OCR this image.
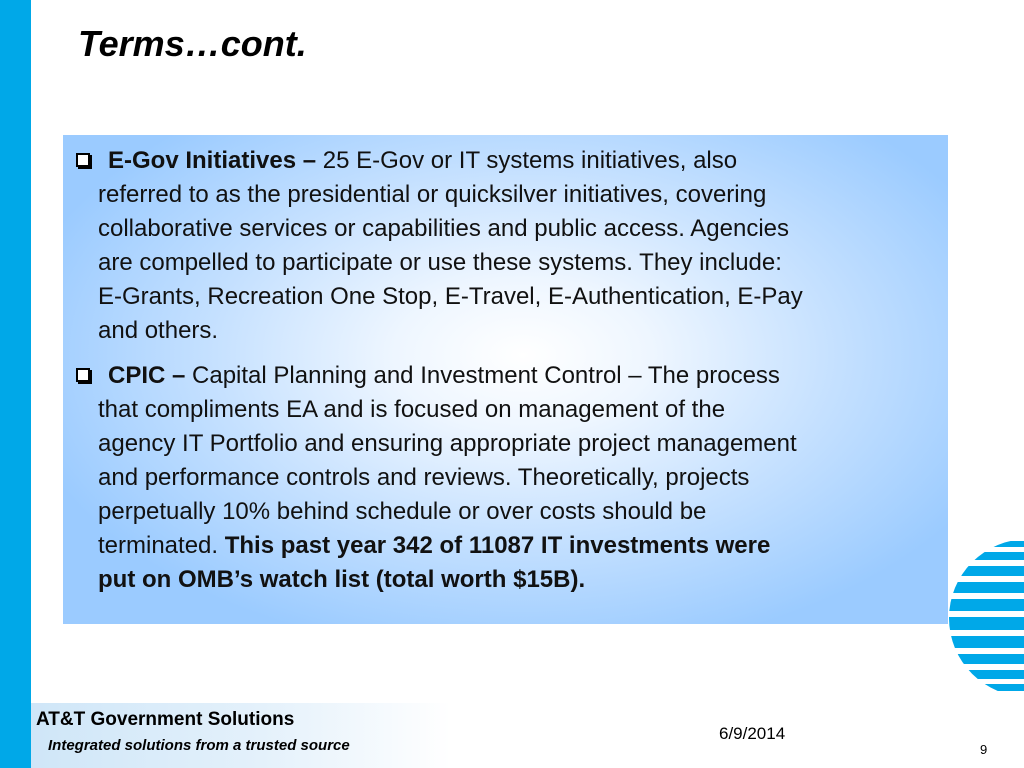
Terms…cont.
E-Gov Initiatives – 25 E-Gov or IT systems initiatives, also
referred to as the presidential or quicksilver initiatives, covering
collaborative services or capabilities and public access. Agencies
are compelled to participate or use these systems. They include:
E-Grants, Recreation One Stop, E-Travel, E-Authentication, E-Pay
and others.
CPIC – Capital Planning and Investment Control – The process
that compliments EA and is focused on management of the
agency IT Portfolio and ensuring appropriate project management
and performance controls and reviews. Theoretically, projects
perpetually 10% behind schedule or over costs should be
terminated. This past year 342 of 11087 IT investments were
put on OMB’s watch list (total worth $15B).

AT&T Government Solutions

Integrated solutions from a trusted source

6/9/2014
9
